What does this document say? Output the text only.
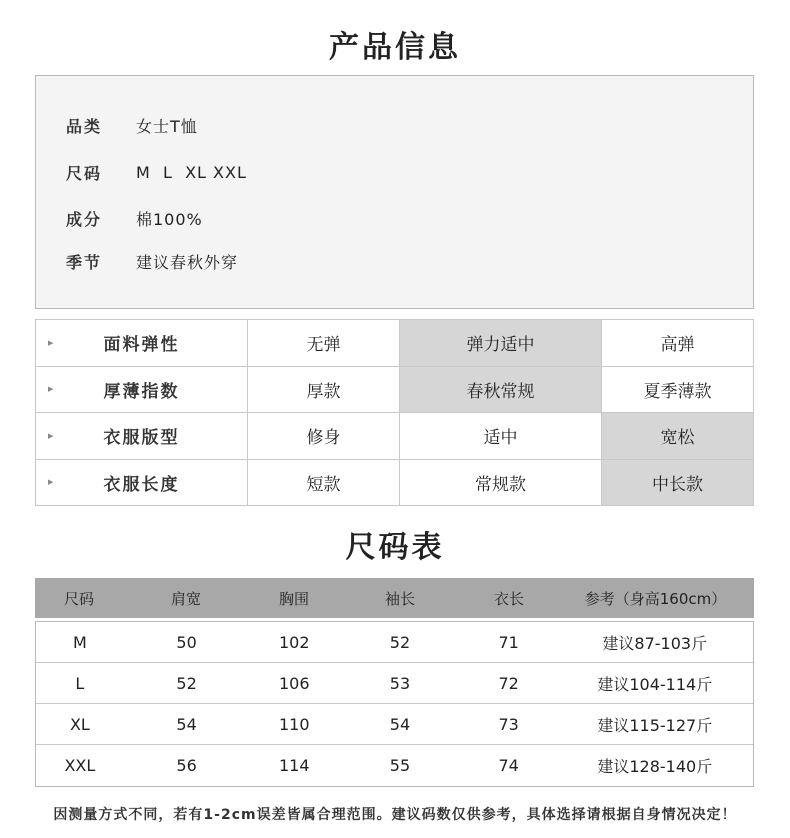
产品信息
品类	女士T恤
尺码	M  L  XL XXL
成分	棉100%
季节	建议春秋外穿
▶ 面料弹性	无弹	弹力适中	高弹

▶ 厚薄指数	厚款	春秋常规	夏季薄款

▶ 衣服版型	修身	适中	宽松

▶ 衣服长度	短款	常规款	中长款
尺码表
尺码	肩宽	胸围	袖长	衣长	参考（身高160cm）
M	50	102	52	71	建议87-103斤
L	52	106	53	72	建议104-114斤
XL	54	110	54	73	建议115-127斤
XXL	56	114	55	74	建议128-140斤
因测量方式不同，若有1-2cm误差皆属合理范围。建议码数仅供参考，具体选择请根据自身情况决定！
